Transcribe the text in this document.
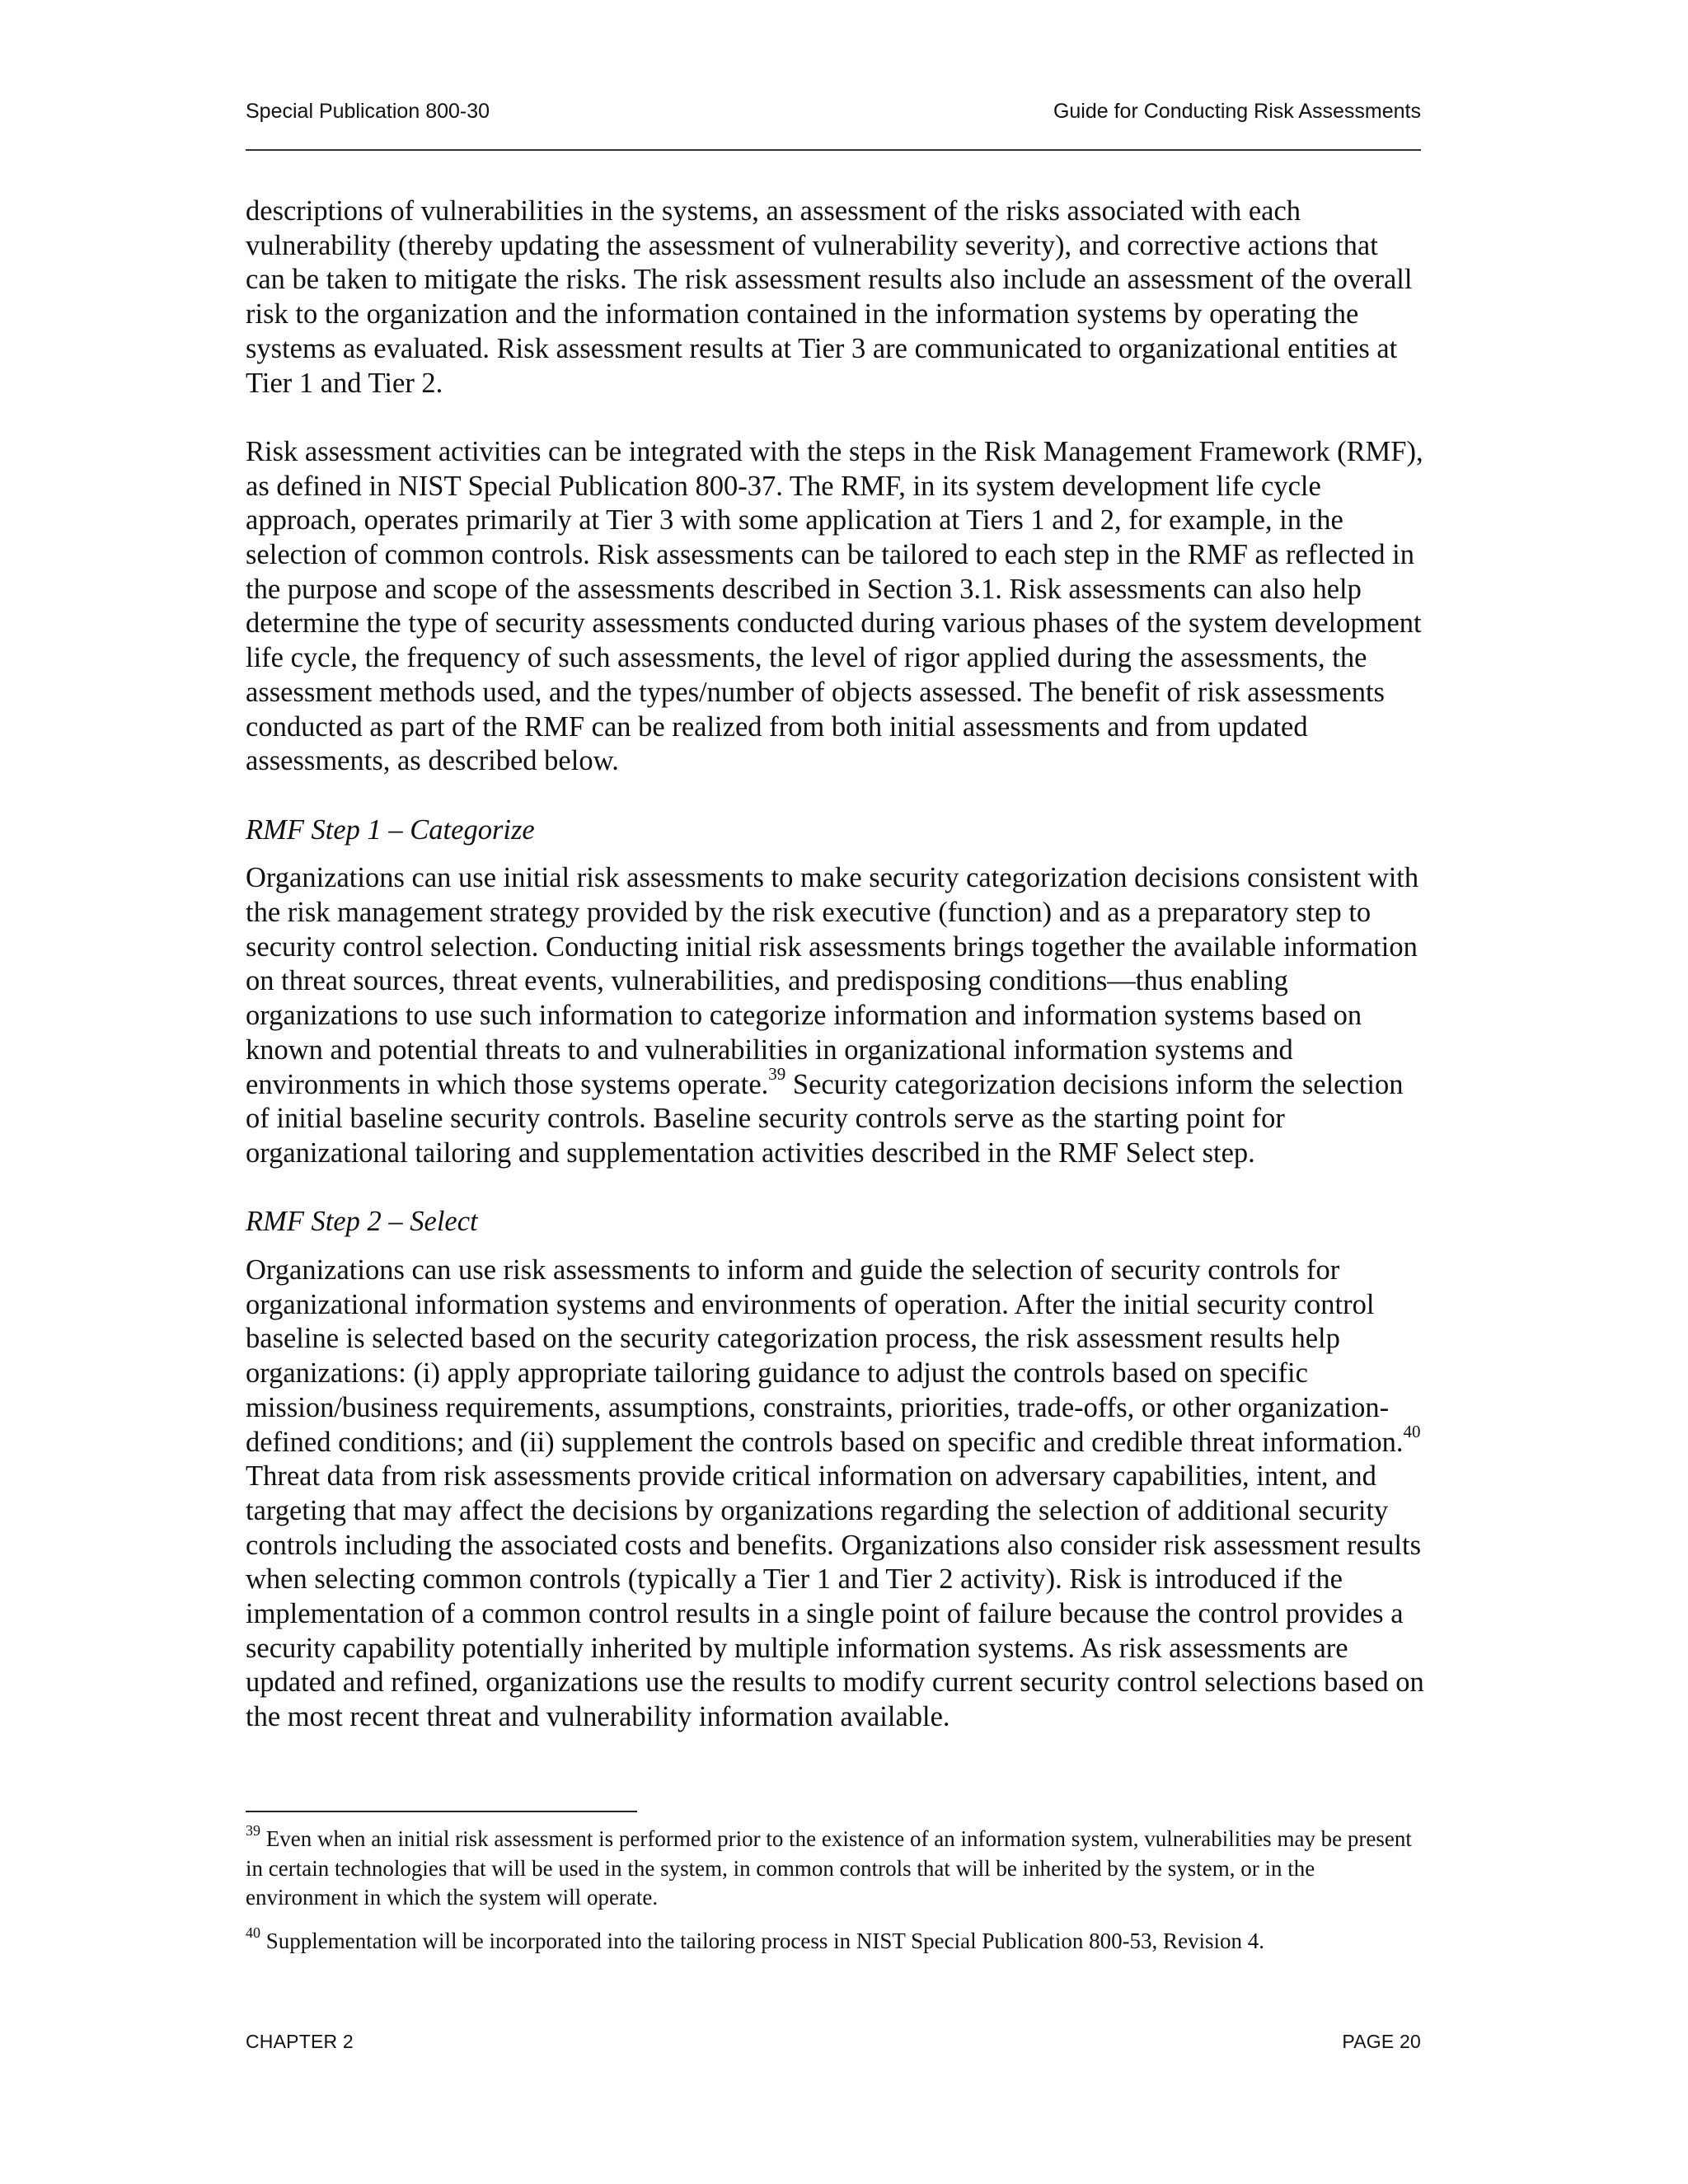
Special Publication 800-30	Guide for Conducting Risk Assessments

descriptions of vulnerabilities in the systems, an assessment of the risks associated with each vulnerability (thereby updating the assessment of vulnerability severity), and corrective actions that can be taken to mitigate the risks. The risk assessment results also include an assessment of the overall risk to the organization and the information contained in the information systems by operating the systems as evaluated. Risk assessment results at Tier 3 are communicated to organizational entities at Tier 1 and Tier 2.

Risk assessment activities can be integrated with the steps in the Risk Management Framework (RMF), as defined in NIST Special Publication 800-37. The RMF, in its system development life cycle approach, operates primarily at Tier 3 with some application at Tiers 1 and 2, for example, in the selection of common controls. Risk assessments can be tailored to each step in the RMF as reflected in the purpose and scope of the assessments described in Section 3.1. Risk assessments can also help determine the type of security assessments conducted during various phases of the system development life cycle, the frequency of such assessments, the level of rigor applied during the assessments, the assessment methods used, and the types/number of objects assessed. The benefit of risk assessments conducted as part of the RMF can be realized from both initial assessments and from updated assessments, as described below.

RMF Step 1 – Categorize

Organizations can use initial risk assessments to make security categorization decisions consistent with the risk management strategy provided by the risk executive (function) and as a preparatory step to security control selection. Conducting initial risk assessments brings together the available information on threat sources, threat events, vulnerabilities, and predisposing conditions—thus enabling organizations to use such information to categorize information and information systems based on known and potential threats to and vulnerabilities in organizational information systems and environments in which those systems operate.$^{39}$ Security categorization decisions inform the selection of initial baseline security controls. Baseline security controls serve as the starting point for organizational tailoring and supplementation activities described in the RMF Select step.

RMF Step 2 – Select

Organizations can use risk assessments to inform and guide the selection of security controls for organizational information systems and environments of operation. After the initial security control baseline is selected based on the security categorization process, the risk assessment results help organizations: (i) apply appropriate tailoring guidance to adjust the controls based on specific mission/business requirements, assumptions, constraints, priorities, trade-offs, or other organization-defined conditions; and (ii) supplement the controls based on specific and credible threat information.$^{40}$ Threat data from risk assessments provide critical information on adversary capabilities, intent, and targeting that may affect the decisions by organizations regarding the selection of additional security controls including the associated costs and benefits. Organizations also consider risk assessment results when selecting common controls (typically a Tier 1 and Tier 2 activity). Risk is introduced if the implementation of a common control results in a single point of failure because the control provides a security capability potentially inherited by multiple information systems. As risk assessments are updated and refined, organizations use the results to modify current security control selections based on the most recent threat and vulnerability information available.

$^{39}$ Even when an initial risk assessment is performed prior to the existence of an information system, vulnerabilities may be present in certain technologies that will be used in the system, in common controls that will be inherited by the system, or in the environment in which the system will operate.

$^{40}$ Supplementation will be incorporated into the tailoring process in NIST Special Publication 800-53, Revision 4.

CHAPTER 2	PAGE 20
